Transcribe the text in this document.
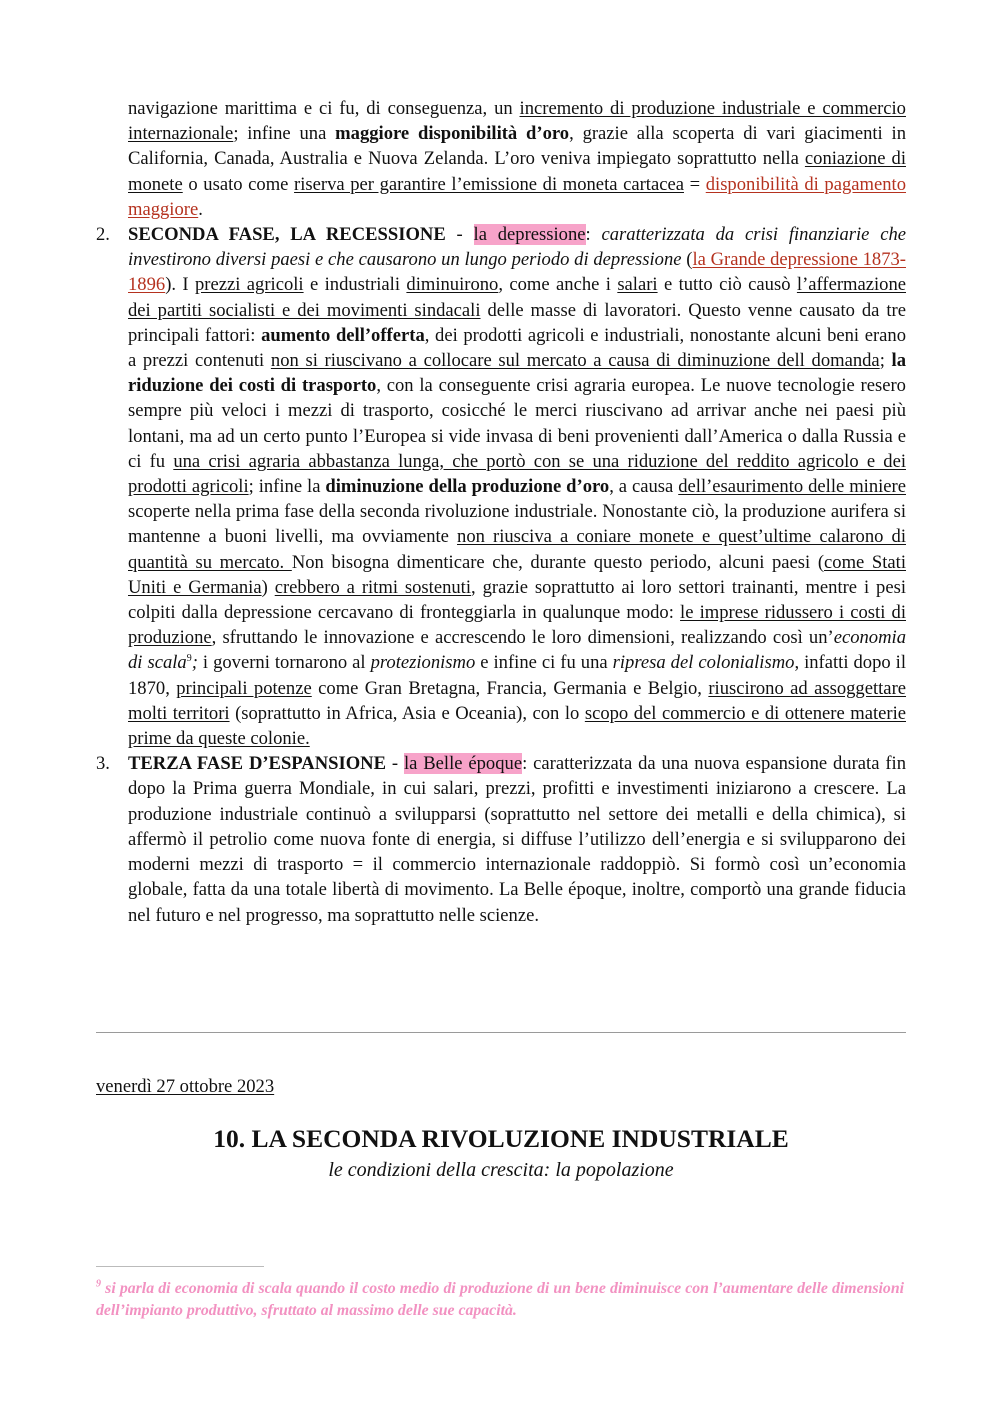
navigazione marittima e ci fu, di conseguenza, un incremento di produzione industriale e commercio internazionale; infine una maggiore disponibilità d’oro, grazie alla scoperta di vari giacimenti in California, Canada, Australia e Nuova Zelanda. L’oro veniva impiegato soprattutto nella coniazione di monete o usato come riserva per garantire l’emissione di moneta cartacea = disponibilità di pagamento maggiore.
2. SECONDA FASE, LA RECESSIONE - la depressione: caratterizzata da crisi finanziarie che investirono diversi paesi e che causarono un lungo periodo di depressione (la Grande depressione 1873-1896). I prezzi agricoli e industriali diminuirono, come anche i salari e tutto ciò causò l’affermazione dei partiti socialisti e dei movimenti sindacali delle masse di lavoratori. Questo venne causato da tre principali fattori: aumento dell’offerta, dei prodotti agricoli e industriali, nonostante alcuni beni erano a prezzi contenuti non si riuscivano a collocare sul mercato a causa di diminuzione dell domanda; la riduzione dei costi di trasporto, con la conseguente crisi agraria europea. Le nuove tecnologie resero sempre più veloci i mezzi di trasporto, cosicché le merci riuscivano ad arrivar anche nei paesi più lontani, ma ad un certo punto l’Europea si vide invasa di beni provenienti dall’America o dalla Russia e ci fu una crisi agraria abbastanza lunga, che portò con se una riduzione del reddito agricolo e dei prodotti agricoli; infine la diminuzione della produzione d’oro, a causa dell’esaurimento delle miniere scoperte nella prima fase della seconda rivoluzione industriale. Nonostante ciò, la produzione aurifera si mantenne a buoni livelli, ma ovviamente non riusciva a coniare monete e quest’ultime calarono di quantità su mercato. Non bisogna dimenticare che, durante questo periodo, alcuni paesi (come Stati Uniti e Germania) crebbero a ritmi sostenuti, grazie soprattutto ai loro settori trainanti, mentre i pesi colpiti dalla depressione cercavano di fronteggiarla in qualunque modo: le imprese ridussero i costi di produzione, sfruttando le innovazione e accrescendo le loro dimensioni, realizzando così un’economia di scala$^9$; i governi tornarono al protezionismo e infine ci fu una ripresa del colonialismo, infatti dopo il 1870, principali potenze come Gran Bretagna, Francia, Germania e Belgio, riuscirono ad assoggettare molti territori (soprattutto in Africa, Asia e Oceania), con lo scopo del commercio e di ottenere materie prime da queste colonie.
3. TERZA FASE D’ESPANSIONE - la Belle époque: caratterizzata da una nuova espansione durata fin dopo la Prima guerra Mondiale, in cui salari, prezzi, profitti e investimenti iniziarono a crescere. La produzione industriale continuò a svilupparsi (soprattutto nel settore dei metalli e della chimica), si affermò il petrolio come nuova fonte di energia, si diffuse l’utilizzo dell’energia e si svilupparono dei moderni mezzi di trasporto = il commercio internazionale raddoppiò. Si formò così un’economia globale, fatta da una totale libertà di movimento. La Belle époque, inoltre, comportò una grande fiducia nel futuro e nel progresso, ma soprattutto nelle scienze.
venerdì 27 ottobre 2023
10. LA SECONDA RIVOLUZIONE INDUSTRIALE
le condizioni della crescita: la popolazione
$^9$ si parla di economia di scala quando il costo medio di produzione di un bene diminuisce con l’aumentare delle dimensioni dell’impianto produttivo, sfruttato al massimo delle sue capacità.
